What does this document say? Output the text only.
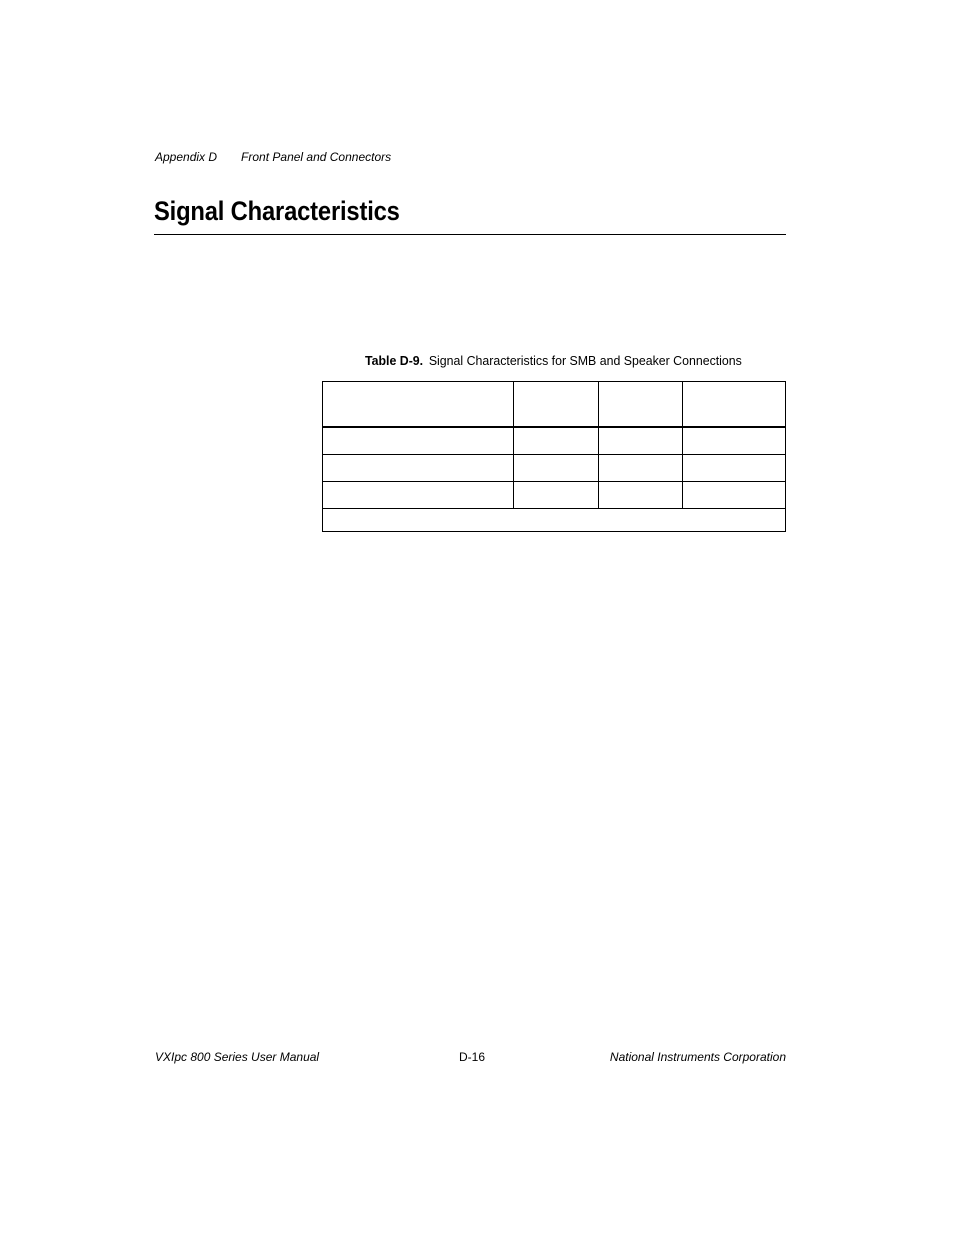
Appendix D Front Panel and Connectors
Signal Characteristics
Table D-9. Signal Characteristics for SMB and Speaker Connections

VXIpc 800 Series User Manual	D-16	National Instruments Corporation
